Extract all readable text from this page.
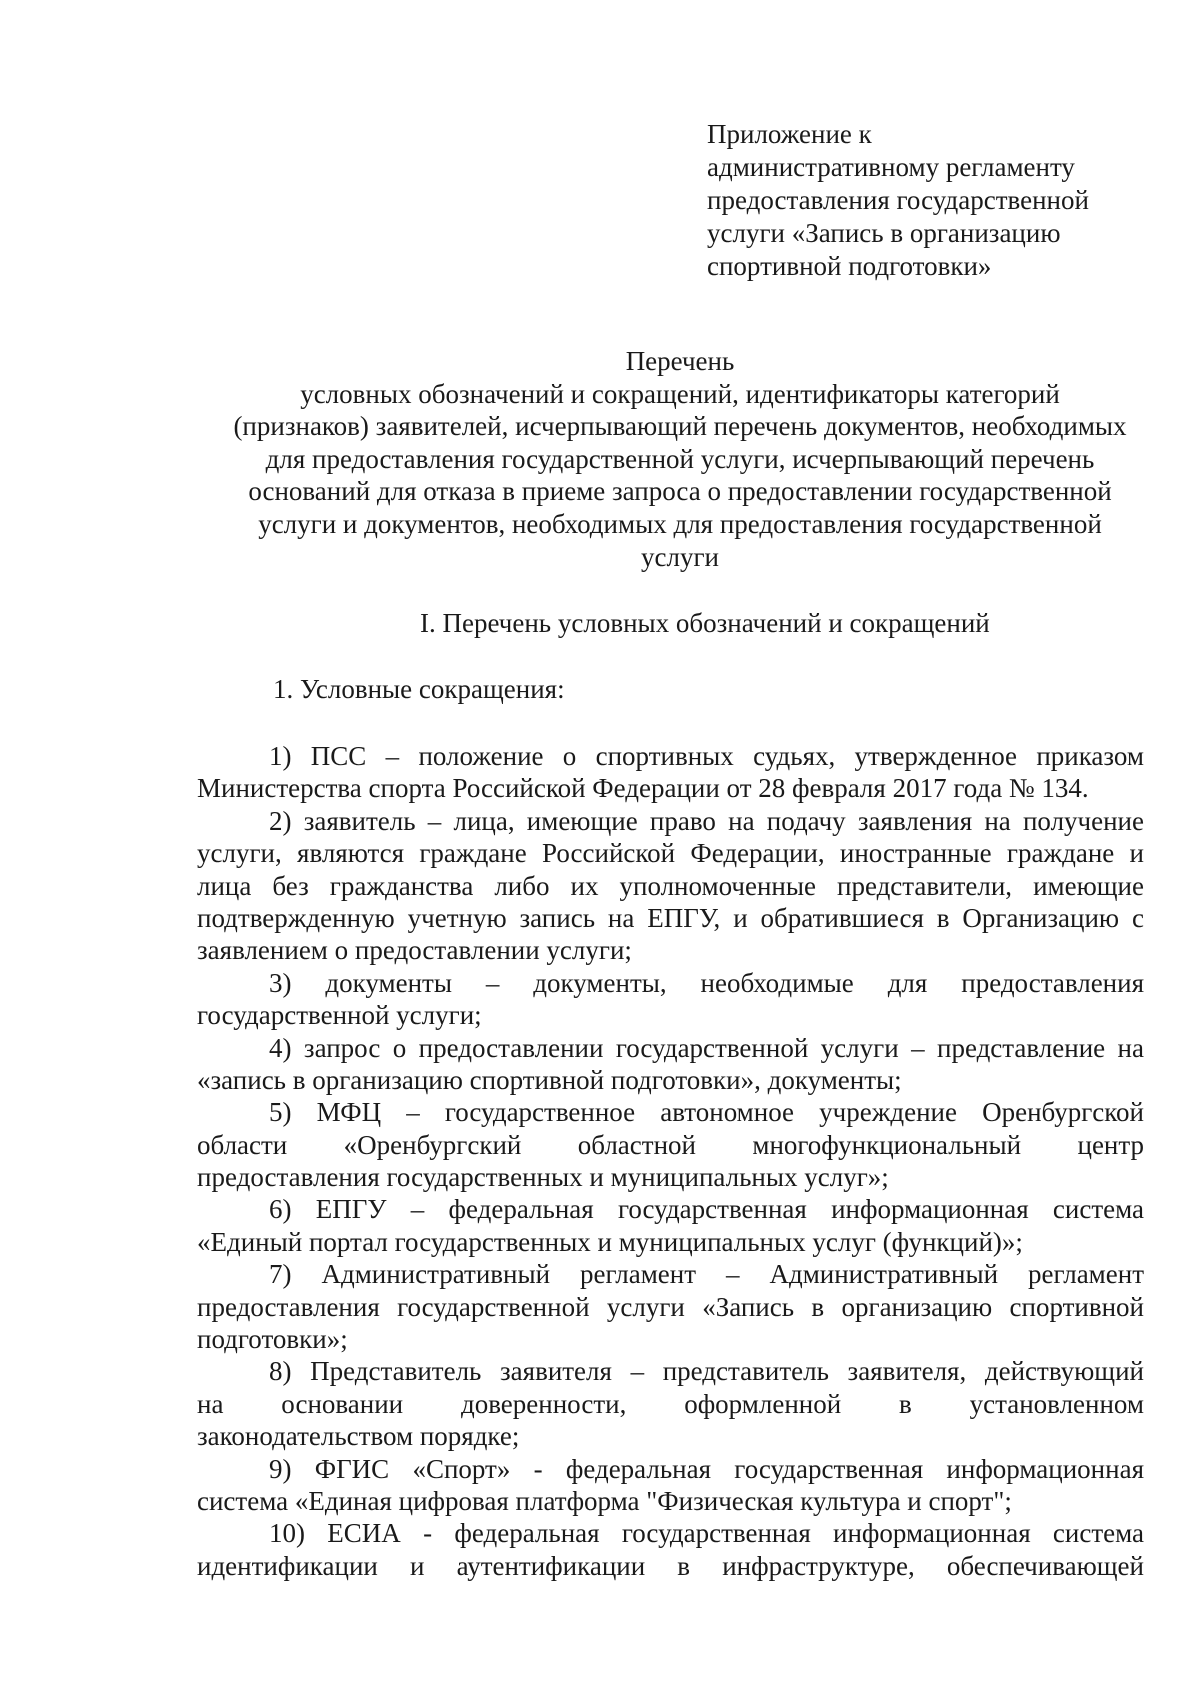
Приложение к
административному регламенту
предоставления государственной
услуги «Запись в организацию
спортивной подготовки»
Перечень
условных обозначений и сокращений, идентификаторы категорий
(признаков) заявителей, исчерпывающий перечень документов, необходимых
для предоставления государственной услуги, исчерпывающий перечень
оснований для отказа в приеме запроса о предоставлении государственной
услуги и документов, необходимых для предоставления государственной
услуги
I. Перечень условных обозначений и сокращений
1. Условные сокращения:
1) ПСС – положение о спортивных судьях, утвержденное приказом
Министерства спорта Российской Федерации от 28 февраля 2017 года № 134.
2) заявитель – лица, имеющие право на подачу заявления на получение
услуги, являются граждане Российской Федерации, иностранные граждане и
лица без гражданства либо их уполномоченные представители, имеющие
подтвержденную учетную запись на ЕПГУ, и обратившиеся в Организацию с
заявлением о предоставлении услуги;
3) документы – документы, необходимые для предоставления
государственной услуги;
4) запрос о предоставлении государственной услуги – представление на
«запись в организацию спортивной подготовки», документы;
5) МФЦ – государственное автономное учреждение Оренбургской
области «Оренбургский областной многофункциональный центр
предоставления государственных и муниципальных услуг»;
6) ЕПГУ – федеральная государственная информационная система
«Единый портал государственных и муниципальных услуг (функций)»;
7) Административный регламент – Административный регламент
предоставления государственной услуги «Запись в организацию спортивной
подготовки»;
8) Представитель заявителя – представитель заявителя, действующий
на основании доверенности, оформленной в установленном
законодательством порядке;
9) ФГИС «Спорт» - федеральная государственная информационная
система «Единая цифровая платформа "Физическая культура и спорт";
10) ЕСИА - федеральная государственная информационная система
идентификации и аутентификации в инфраструктуре, обеспечивающей
